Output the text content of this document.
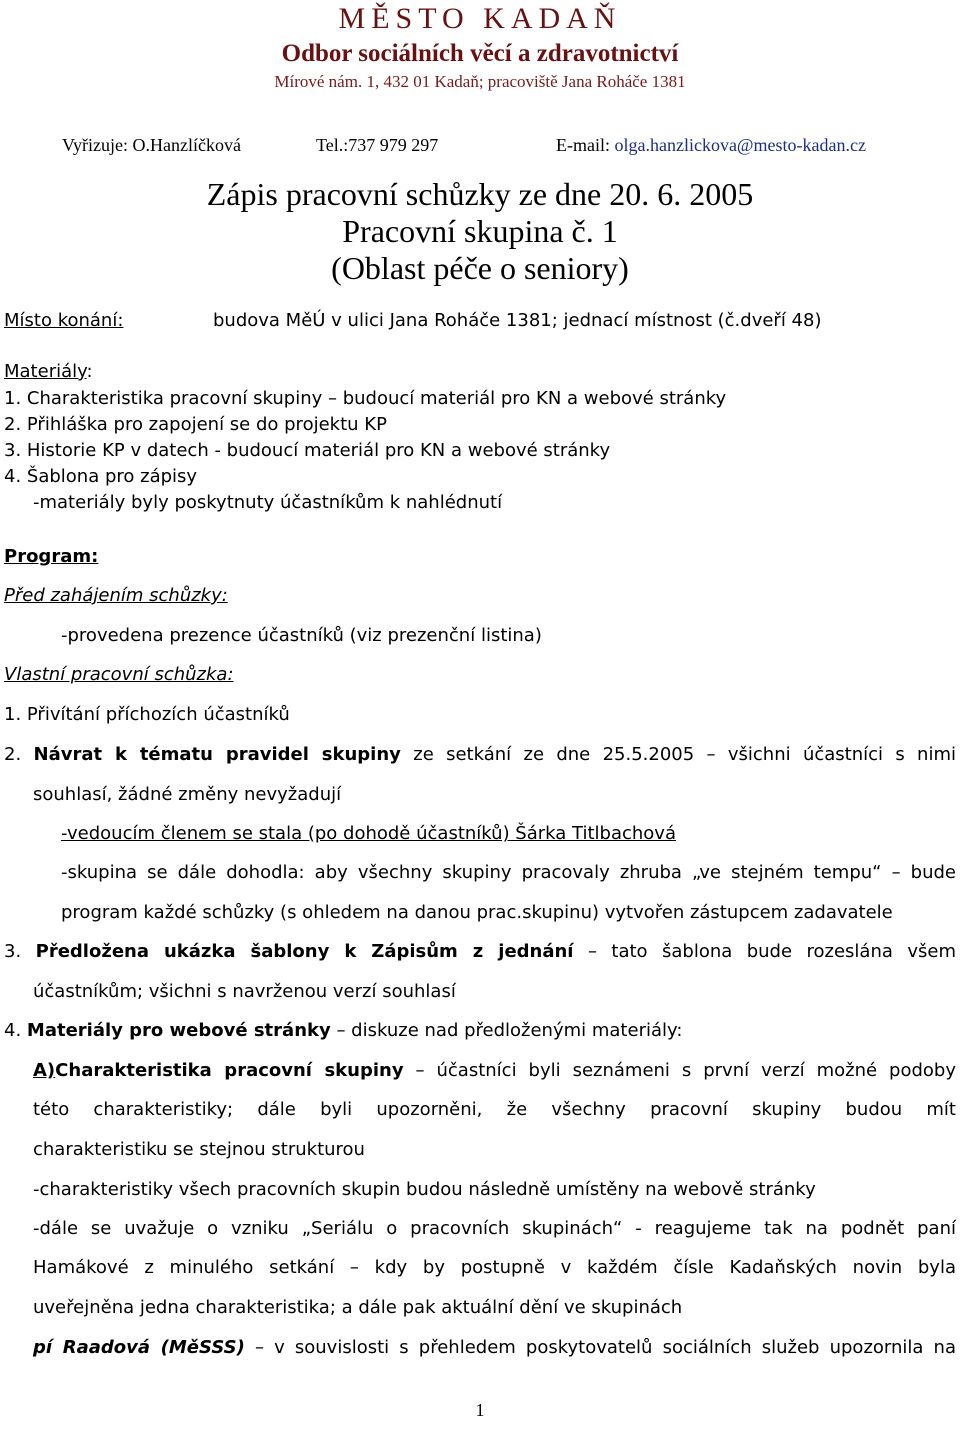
MĚSTO KADAŇ
Odbor sociálních věcí a zdravotnictví
Mírové nám. 1, 432 01 Kadaň; pracoviště Jana Roháče 1381
Vyřizuje: O.Hanzlíčková	Tel.:737 979 297	E-mail: olga.hanzlickova@mesto-kadan.cz
Zápis pracovní schůzky ze dne 20. 6. 2005
Pracovní skupina č. 1
(Oblast péče o seniory)
Místo konání:	budova MěÚ v ulici Jana Roháče 1381; jednací místnost (č.dveří 48)
Materiály:
1. Charakteristika pracovní skupiny – budoucí materiál pro KN a webové stránky
2. Přihláška pro zapojení se do projektu KP
3. Historie KP v datech - budoucí materiál pro KN a webové stránky
4. Šablona pro zápisy
-materiály byly poskytnuty účastníkům k nahlédnutí
Program:
Před zahájením schůzky:
-provedena prezence účastníků (viz prezenční listina)
Vlastní pracovní schůzka:
1. Přivítání příchozích účastníků
2. Návrat k tématu pravidel skupiny ze setkání ze dne 25.5.2005 – všichni účastníci s nimi
souhlasí, žádné změny nevyžadují
-vedoucím členem se stala (po dohodě účastníků) Šárka Titlbachová
-skupina se dále dohodla: aby všechny skupiny pracovaly zhruba „ve stejném tempu“ – bude
program každé schůzky (s ohledem na danou prac.skupinu) vytvořen zástupcem zadavatele
3. Předložena ukázka šablony k Zápisům z jednání – tato šablona bude rozeslána všem
účastníkům; všichni s navrženou verzí souhlasí
4. Materiály pro webové stránky – diskuze nad předloženými materiály:
A)Charakteristika pracovní skupiny – účastníci byli seznámeni s první verzí možné podoby
této charakteristiky; dále byli upozorněni, že všechny pracovní skupiny budou mít
charakteristiku se stejnou strukturou
-charakteristiky všech pracovních skupin budou následně umístěny na webově stránky
-dále se uvažuje o vzniku „Seriálu o pracovních skupinách“ - reagujeme tak na podnět paní
Hamákové z minulého setkání – kdy by postupně v každém čísle Kadaňských novin byla
uveřejněna jedna charakteristika; a dále pak aktuální dění ve skupinách
pí Raadová (MěSSS) – v souvislosti s přehledem poskytovatelů sociálních služeb upozornila na
1
